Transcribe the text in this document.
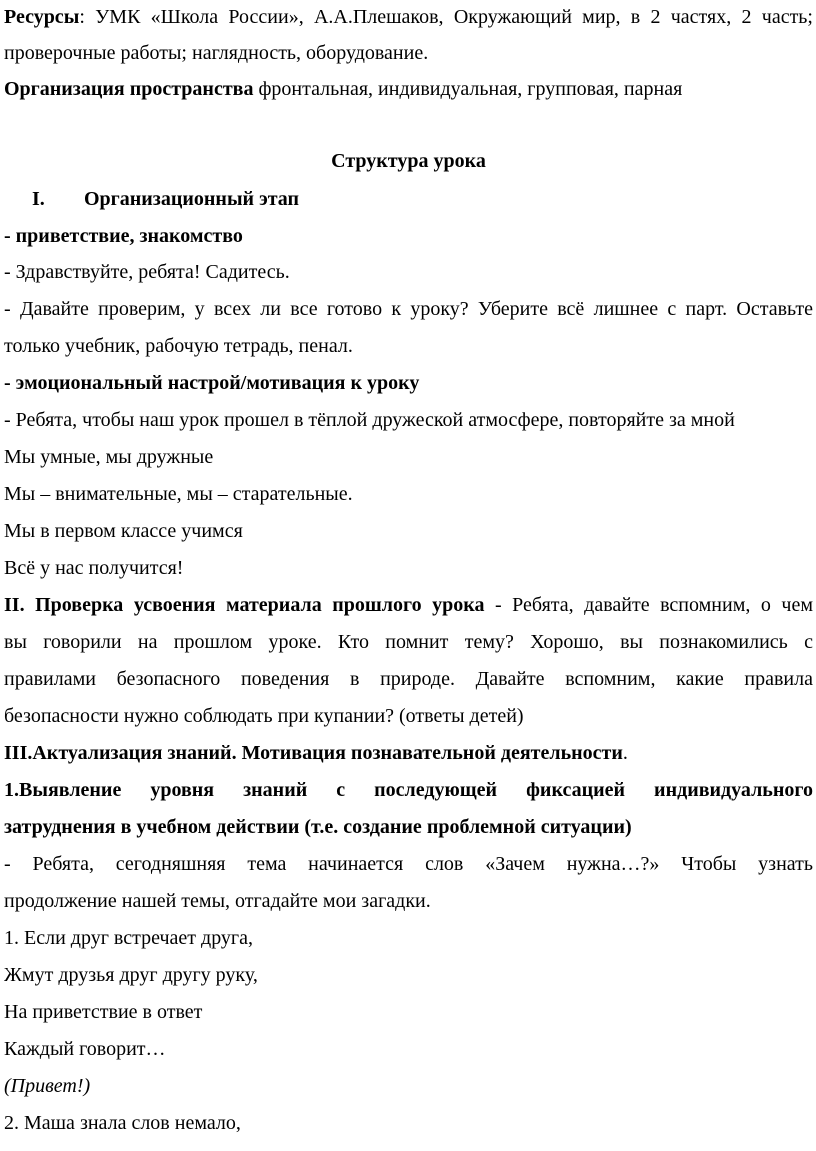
Ресурсы: УМК «Школа России», А.А.Плешаков, Окружающий мир, в 2 частях, 2 часть;
проверочные работы; наглядность, оборудование.
Организация пространства фронтальная, индивидуальная, групповая, парная
Структура урока
I. Организационный этап
- приветствие, знакомство
- Здравствуйте, ребята! Садитесь.
- Давайте проверим, у всех ли все готово к уроку? Уберите всё лишнее с парт. Оставьте
только учебник, рабочую тетрадь, пенал.
- эмоциональный настрой/мотивация к уроку
- Ребята, чтобы наш урок прошел в тёплой дружеской атмосфере, повторяйте за мной
Мы умные, мы дружные
Мы – внимательные, мы – старательные.
Мы в первом классе учимся
Всё у нас получится!
II. Проверка усвоения материала прошлого урока - Ребята, давайте вспомним, о чем
вы говорили на прошлом уроке. Кто помнит тему? Хорошо, вы познакомились с
правилами безопасного поведения в природе. Давайте вспомним, какие правила
безопасности нужно соблюдать при купании? (ответы детей)
III.Актуализация знаний. Мотивация познавательной деятельности.
1.Выявление уровня знаний с последующей фиксацией индивидуального
затруднения в учебном действии (т.е. создание проблемной ситуации)
- Ребята, сегодняшняя тема начинается слов «Зачем нужна…?» Чтобы узнать
продолжение нашей темы, отгадайте мои загадки.
1. Если друг встречает друга,
Жмут друзья друг другу руку,
На приветствие в ответ
Каждый говорит…
(Привет!)
2. Маша знала слов немало,
